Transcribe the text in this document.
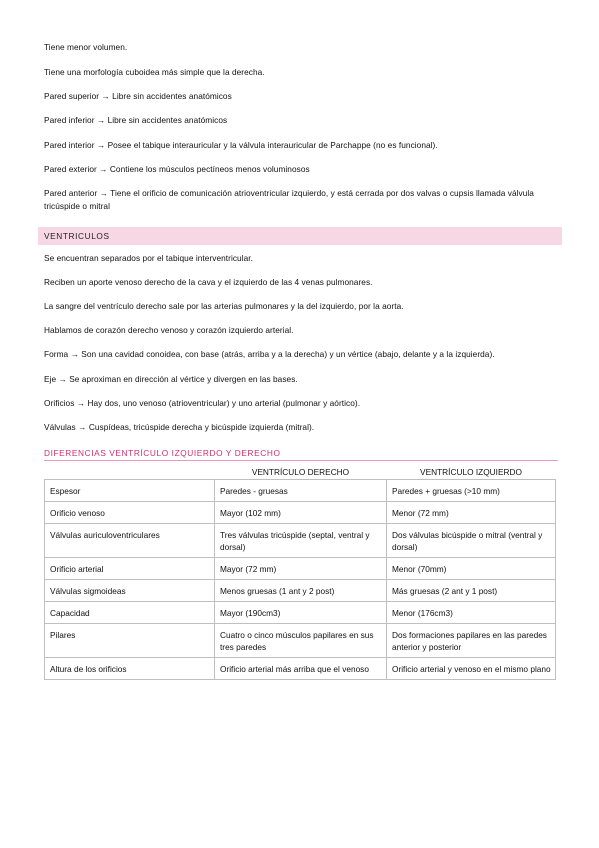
Tiene menor volumen.
Tiene una morfología cuboidea más simple que la derecha.
Pared superior → Libre sin accidentes anatómicos
Pared inferior → Libre sin accidentes anatómicos
Pared interior → Posee el tabique interauricular y la válvula interauricular de Parchappe (no es funcional).
Pared exterior → Contiene los músculos pectíneos menos voluminosos
Pared anterior → Tiene el orificio de comunicación atrioventricular izquierdo, y está cerrada por dos valvas o cupsis llamada válvula tricúspide o mitral
VENTRICULOS
Se encuentran separados por el tabique interventricular.
Reciben un aporte venoso derecho de la cava y el izquierdo de las 4 venas pulmonares.
La sangre del ventrículo derecho sale por las arterias pulmonares y la del izquierdo, por la aorta.
Hablamos de corazón derecho venoso y corazón izquierdo arterial.
Forma → Son una cavidad conoidea, con base (atrás, arriba y a la derecha) y un vértice (abajo, delante y a la izquierda).
Eje → Se aproximan en dirección al vértice y divergen en las bases.
Orificios → Hay dos, uno venoso (atrioventricular) y uno arterial (pulmonar y aórtico).
Válvulas → Cuspídeas, tricúspide derecha y bicúspide izquierda (mitral).
DIFERENCIAS VENTRÍCULO IZQUIERDO Y DERECHO
	VENTRÍCULO DERECHO	VENTRÍCULO IZQUIERDO
Espesor	Paredes - gruesas	Paredes + gruesas (>10 mm)
Orificio venoso	Mayor (102 mm)	Menor (72 mm)
Válvulas auriculoventriculares	Tres válvulas tricúspide (septal, ventral y dorsal)	Dos válvulas bicúspide o mitral (ventral y dorsal)
Orificio arterial	Mayor (72 mm)	Menor (70mm)
Válvulas sigmoideas	Menos gruesas (1 ant y 2 post)	Más gruesas (2 ant y 1 post)
Capacidad	Mayor (190cm3)	Menor (176cm3)
Pilares	Cuatro o cinco músculos papilares en sus tres paredes	Dos formaciones papilares en las paredes anterior y posterior
Altura de los orificios	Orificio arterial más arriba que el venoso	Orificio arterial y venoso en el mismo plano
